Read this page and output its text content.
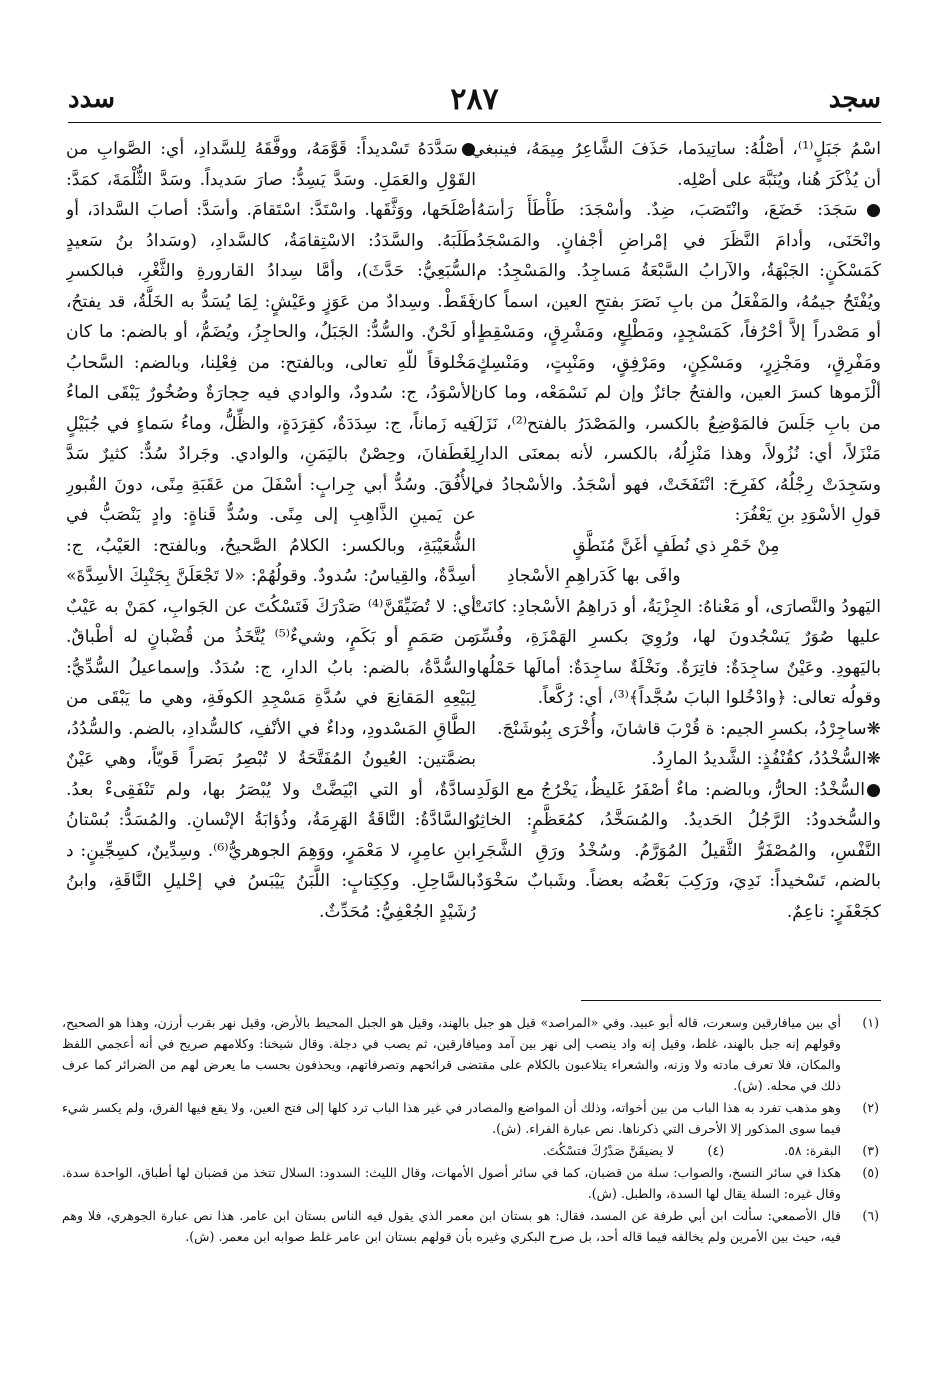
سجد
٢٨٧
سدد

اسْمُ جَبَلٍ⁽¹⁾، أصْلُهُ: ساتِيدَما، حَذَفَ الشَّاعِرُ مِيمَهُ، فينبغي أن يُذْكَرَ هُنا، ويُنَبَّهَ على أصْلِه.

●سَجَدَ: خَضَعَ، وانْتَصَبَ، ضِدٌ. وأسْجَدَ: طَأْطَأَ رَأسَهُ، وانْحَنَى، وأدامَ النَّظَرَ في إمْراضِ أجْفانٍ. والمَسْجَدُ، كَمَسْكَنٍ: الجَبْهَةُ، والآرابُ السَّبْعَةُ مَساجِدُ. والمَسْجِدُ: م، ويُفْتَحُ جيمُهُ، والمَفْعَلُ من بابِ نَصَرَ بفتحِ العين، اسماً كان أو مَصْدراً إلاَّ أحْرُفاً، كَمَسْجِدٍ، ومَطْلِعٍ، ومَشْرِقٍ، ومَسْقِطٍ، ومَفْرِقٍ، ومَجْزِرٍ، ومَسْكِنٍ، ومَرْفِقٍ، ومَنْبِتٍ، ومَنْسِكٍ، ألْزَموها كسرَ العين، والفتحُ جائزٌ وإن لم نَسْمَعْه، وما كان من بابِ جَلَسَ فالمَوْضِعُ بالكسر، والمَصْدَرُ بالفتح⁽²⁾، نَزَلَ مَنْزَلاً، أي: نُزُولاً، وهذا مَنْزِلُهُ، بالكسر، لأنه بمعنَى الدارِ. وسَجِدَتْ رِجْلُهُ، كفَرِحَ: انْتَفَخَتْ، فهو أسْجَدُ. والأسْجادُ في قولِ الأسْوَدِ بنِ يَعْفُرَ:

مِنْ خَمْرِ ذي نُطَفٍ أغَنَّ مُنَطَّقٍ

وافَى بها كَدَراهِمِ الأسْجادِ

اليَهودُ والنَّصارَى، أو مَعْناهُ: الجِزْيَةُ، أو دَراهِمُ الأسْجادِ: كانَتْ عليها صُوَرٌ يَسْجُدونَ لها، ورُوِيَ بكسرِ الهَمْزَةِ، وفُسِّرَ باليَهودِ. وعَيْنٌ ساجِدَةٌ: فاتِرَةٌ. ونَخْلَةٌ ساجِدَةٌ: أمالَها حَمْلُها، وقولُه تعالى: ﴿وادْخُلوا البابَ سُجَّداً﴾⁽³⁾، أي: رُكَّعاً.

❋ساجِرْدُ، بكسرِ الجيم: ة قُرْبَ قاشانَ، وأُخْرَى بِبُوشَنْجَ.

❋السُّخْدُدُ، كقُنْفُذٍ: الشَّديدُ المارِدُ.

●السُّخْدُ: الحارُّ، وبالضم: ماءٌ أصْفَرُ غَليظٌ، يَخْرُجُ مع الوَلَدِ. والسُّخدودُ: الرَّجُلُ الحَديدُ. والمُسَخَّدُ، كمُعَظَّمٍ: الخاثِرُ النَّفْسِ، والمُصْفَرُّ الثَّقيلُ المُوَرَّمُ. وسُخْدُ ورَقِ الشَّجَرِ، بالضم، تَسْخيداً: نَدِيَ، ورَكِبَ بَعْضُه بعضاً. وشَبابٌ سَخْوَدٌ، كجَعْفَرٍ: ناعِمٌ.

●سَدَّدَهُ تَسْديداً: قَوَّمَهُ، ووفَّقَهُ لِلسَّدادِ، أي: الصَّوابِ من القَوْلِ والعَمَلِ. وسَدَّ يَسِدُّ: صارَ سَديداً. وسَدَّ الثُّلْمَةَ، كمَدَّ: أصْلَحَها، ووَثَّقَها. واسْتَدَّ: اسْتَقامَ. وأسَدَّ: أصابَ السَّدادَ، أو طَلَبَهُ. والسَّدَدُ: الاسْتِقامَةُ، كالسَّدادِ، (وسَدادُ بنُ سَعيدٍ السُّبَعِيُّ: حَدَّثَ)، وأمَّا سِدادُ القارورةِ والثَّغْرِ، فبالكسرِ فَقَطْ. وسِدادٌ من عَوَزٍ وعَيْشٍ: لِمَا يُسَدُّ به الخَلَّةُ، قد يفتحُ، أو لَحْنٌ. والسُّدُّ: الجَبَلُ، والحاجِزُ، ويُضَمُّ، أو بالضم: ما كان مَخْلوقاً للّهِ تعالى، وبالفتح: من فِعْلِنا، وبالضم: السَّحابُ الأسْوَدُ، ج: سُدودٌ، والوادي فيه حِجارَةٌ وصُخُورٌ يَبْقَى الماءُ فيه زَماناً، ج: سِدَدَةٌ، كقِرَدَةٍ، والظِّلُّ، وماءُ سَماءٍ في جُبَيْلٍ لِغَطَفانَ، وحِصْنٌ باليَمَنِ، والوادي. وجَرادٌ سُدٌّ: كثيرٌ سَدَّ الأُفُقَ. وسُدُّ أبي جِرابٍ: أسْفَلَ من عَقَبَةِ مِنًى، دونَ القُبورِ عن يَمينِ الذَّاهِبِ إلى مِنًى. وسُدُّ قَناةٍ: وادٍ يَنْصَبُّ في الشُّعَيْبَةِ، وبالكسر: الكلامُ الصَّحيحُ، وبالفتح: العَيْبُ، ج: أسِدَّةٌ، والقِياسُ: سُدودٌ. وقولُهُمْ: «لا تَجْعَلَنَّ بِجَنْبِكَ الأسِدَّةَ» أي: لا تُضَيِّقَنَّ⁽⁴⁾ صَدْرَكَ فَتَسْكُتَ عن الجَوابِ، كمَنْ به عَيْبٌ من صَمَمٍ أو بَكَمٍ، وشيءٌ⁽⁵⁾ يُتَّخَذُ من قُضْبانٍ له أطْباقٌ. والسُّدَّةُ، بالضم: بابُ الدارِ، ج: سُدَدٌ. وإسماعيلُ السُّدِّيُّ: لِبَيْعِهِ المَقانِعَ في سُدَّةِ مَسْجِدِ الكوفَةِ، وهي ما يَبْقَى من الطَّاقِ المَسْدودِ، وداءٌ في الأنْفِ، كالسُّدادِ، بالضم. والسُّدُدُ، بضمَّتين: العُيونُ المُفَتَّحَةُ لا تُبْصِرُ بَصَراً قَويّاً، وهي عَيْنٌ سادَّةٌ، أو التي ابْيَضَّتْ ولا يُبْصَرُ بها، ولم تَنْفَقِىءْ بعدُ. والسَّادَّةُ: النَّاقَةُ الهَرِمَةُ، وذُؤابَةُ الإنْسانِ. والمُسَدُّ: بُسْتانُ ابنِ عامِرٍ، لا مَعْمَرٍ، ووَهِمَ الجوهريُّ⁽⁶⁾. وسِدِّينٌ، كسِجِّينٍ: د بالسَّاحِلِ. وكِكِتابٍ: اللَّبَنُ يَيْبَسُ في إحْليلِ النَّاقَةِ، وابنُ رُشَيْدٍ الجُعْفِيُّ: مُحَدِّثٌ.

(١)
أي بين ميافارقين وسعرت، قاله أبو عبيد. وفي «المراصد» قيل هو جبل بالهند، وقيل هو الجبل المحيط بالأرض، وقيل نهر بقرب أرزن، وهذا هو الصحيح، وقولهم إنه جبل بالهند، غلط، وقيل إنه واد ينصب إلى نهر بين آمد وميافارقين، ثم يصب في دجلة. وقال شيخنا: وكلامهم صريح في أنه أعجمي اللفظ والمكان، فلا تعرف مادته ولا وزنه، والشعراء يتلاعبون بالكلام على مقتضى قرائحهم وتصرفاتهم، ويحذفون بحسب ما يعرض لهم من الضرائر كما عرف ذلك في محله. (ش).
(٢)
وهو مذهب تفرد به هذا الباب من بين أخواته، وذلك أن المواضع والمصادر في غير هذا الباب ترد كلها إلى فتح العين، ولا يقع فيها الفرق، ولم يكسر شيء فيما سوى المذكور إلا الأحرف التي ذكرناها. نص عبارة الفراء. (ش).
(٣)
البقرة: ٥٨.
(٤)
لا يضيقَنَّ صَدْرُكَ فتسْكُتَ.
(٥)
هكذا في سائر النسخ، والصواب: سلة من قضبان، كما في سائر أصول الأمهات، وقال الليث: السدود: السلال تتخذ من قضبان لها أطباق، الواحدة سدة. وقال غيره: السلة يقال لها السدة، والطبل. (ش).
(٦)
قال الأصمعي: سألت ابن أبي طرفة عن المسد، فقال: هو بستان ابن معمر الذي يقول فيه الناس بستان ابن عامر. هذا نص عبارة الجوهري، فلا وهم فيه، حيث بين الأمرين ولم يخالفه فيما قاله أحد، بل صرح البكري وغيره بأن قولهم بستان ابن عامر غلط صوابه ابن معمر. (ش).
